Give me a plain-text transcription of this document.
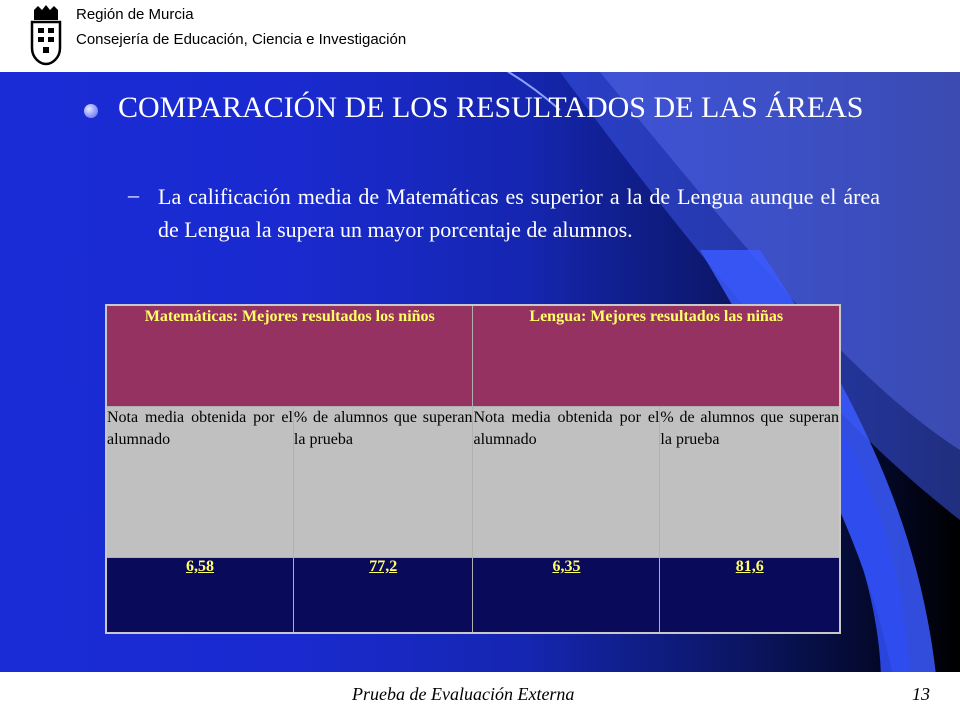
Región de Murcia
Consejería de Educación, Ciencia e Investigación
COMPARACIÓN DE LOS RESULTADOS DE LAS ÁREAS
– La calificación media de Matemáticas es superior a la de Lengua aunque el área de Lengua la supera un mayor porcentaje de alumnos.
Matemáticas: Mejores resultados los niños		Lengua: Mejores resultados las niñas	
Nota media obtenida por el alumnado	% de alumnos que superan la prueba	Nota media obtenida por el alumnado	% de alumnos que superan la prueba
6,58	77,2	6,35	81,6
Prueba de Evaluación Externa	13
